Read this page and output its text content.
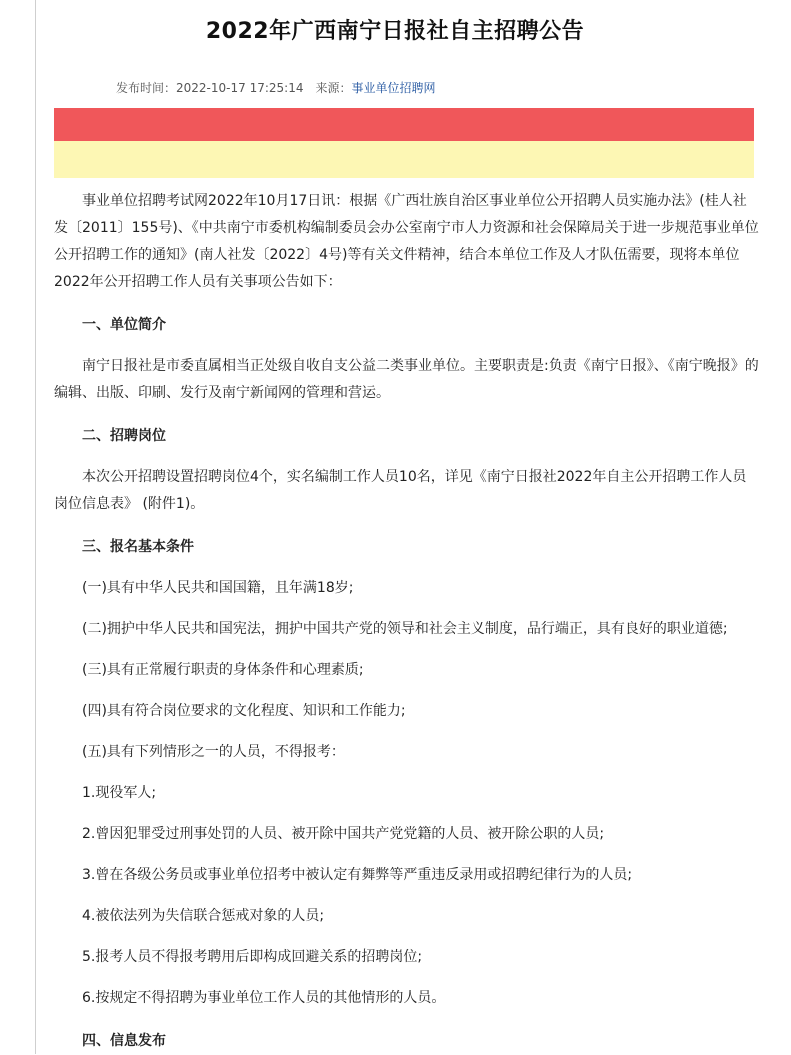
2022年广西南宁日报社自主招聘公告
发布时间：2022-10-17 17:25:14 来源：事业单位招聘网

事业单位招聘考试网2022年10月17日讯：根据《广西壮族自治区事业单位公开招聘人员实施办法》(桂人社发〔2011〕155号)、《中共南宁市委机构编制委员会办公室南宁市人力资源和社会保障局关于进一步规范事业单位公开招聘工作的通知》(南人社发〔2022〕4号)等有关文件精神，结合本单位工作及人才队伍需要，现将本单位2022年公开招聘工作人员有关事项公告如下：

一、单位简介

南宁日报社是市委直属相当正处级自收自支公益二类事业单位。主要职责是:负责《南宁日报》、《南宁晚报》的编辑、出版、印刷、发行及南宁新闻网的管理和营运。

二、招聘岗位

本次公开招聘设置招聘岗位4个，实名编制工作人员10名，详见《南宁日报社2022年自主公开招聘工作人员岗位信息表》 (附件1)。

三、报名基本条件

(一)具有中华人民共和国国籍，且年满18岁;

(二)拥护中华人民共和国宪法，拥护中国共产党的领导和社会主义制度，品行端正，具有良好的职业道德;

(三)具有正常履行职责的身体条件和心理素质;

(四)具有符合岗位要求的文化程度、知识和工作能力;

(五)具有下列情形之一的人员，不得报考：

1.现役军人;

2.曾因犯罪受过刑事处罚的人员、被开除中国共产党党籍的人员、被开除公职的人员;

3.曾在各级公务员或事业单位招考中被认定有舞弊等严重违反录用或招聘纪律行为的人员;

4.被依法列为失信联合惩戒对象的人员;

5.报考人员不得报考聘用后即构成回避关系的招聘岗位;

6.按规定不得招聘为事业单位工作人员的其他情形的人员。

四、信息发布
